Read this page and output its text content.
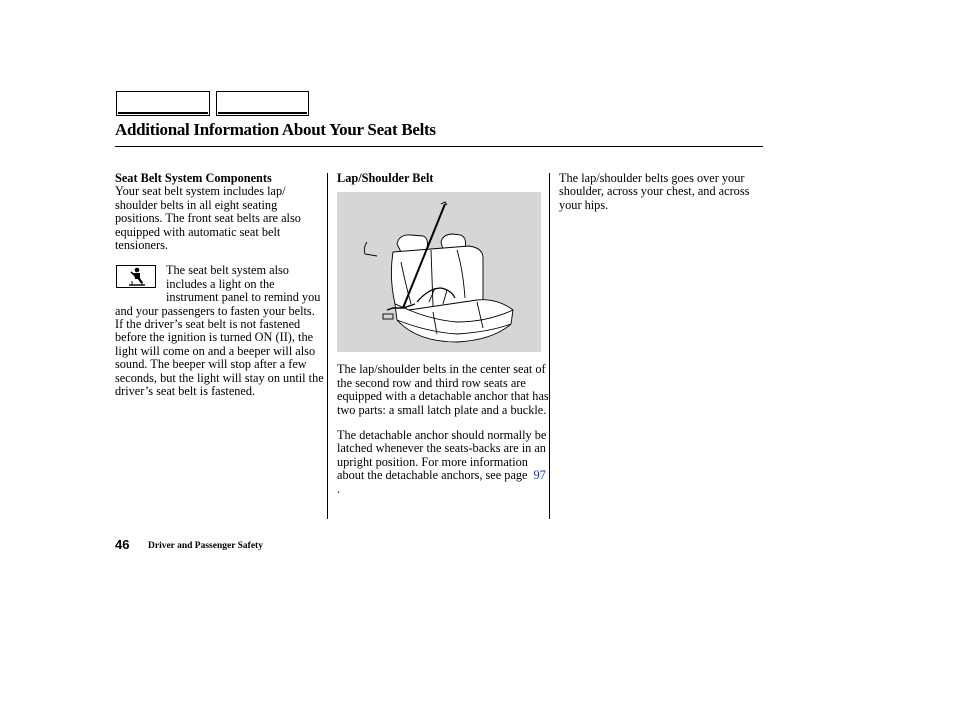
Additional Information About Your Seat Belts

Seat Belt System Components

Your seat belt system includes lap/ shoulder belts in all eight seating positions. The front seat belts are also equipped with automatic seat belt tensioners.

The seat belt system also includes a light on the instrument panel to remind you and your passengers to fasten your belts. If the driver’s seat belt is not fastened before the ignition is turned ON (II), the light will come on and a beeper will also sound. The beeper will stop after a few seconds, but the light will stay on until the driver’s seat belt is fastened.

Lap/Shoulder Belt

The lap/shoulder belts in the center seat of the second row and third row seats are equipped with a detachable anchor that has two parts: a small latch plate and a buckle.

The detachable anchor should normally be latched whenever the seats-backs are in an upright position. For more information about the detachable anchors, see page 97 .

The lap/shoulder belts goes over your shoulder, across your chest, and across your hips.

46 Driver and Passenger Safety
